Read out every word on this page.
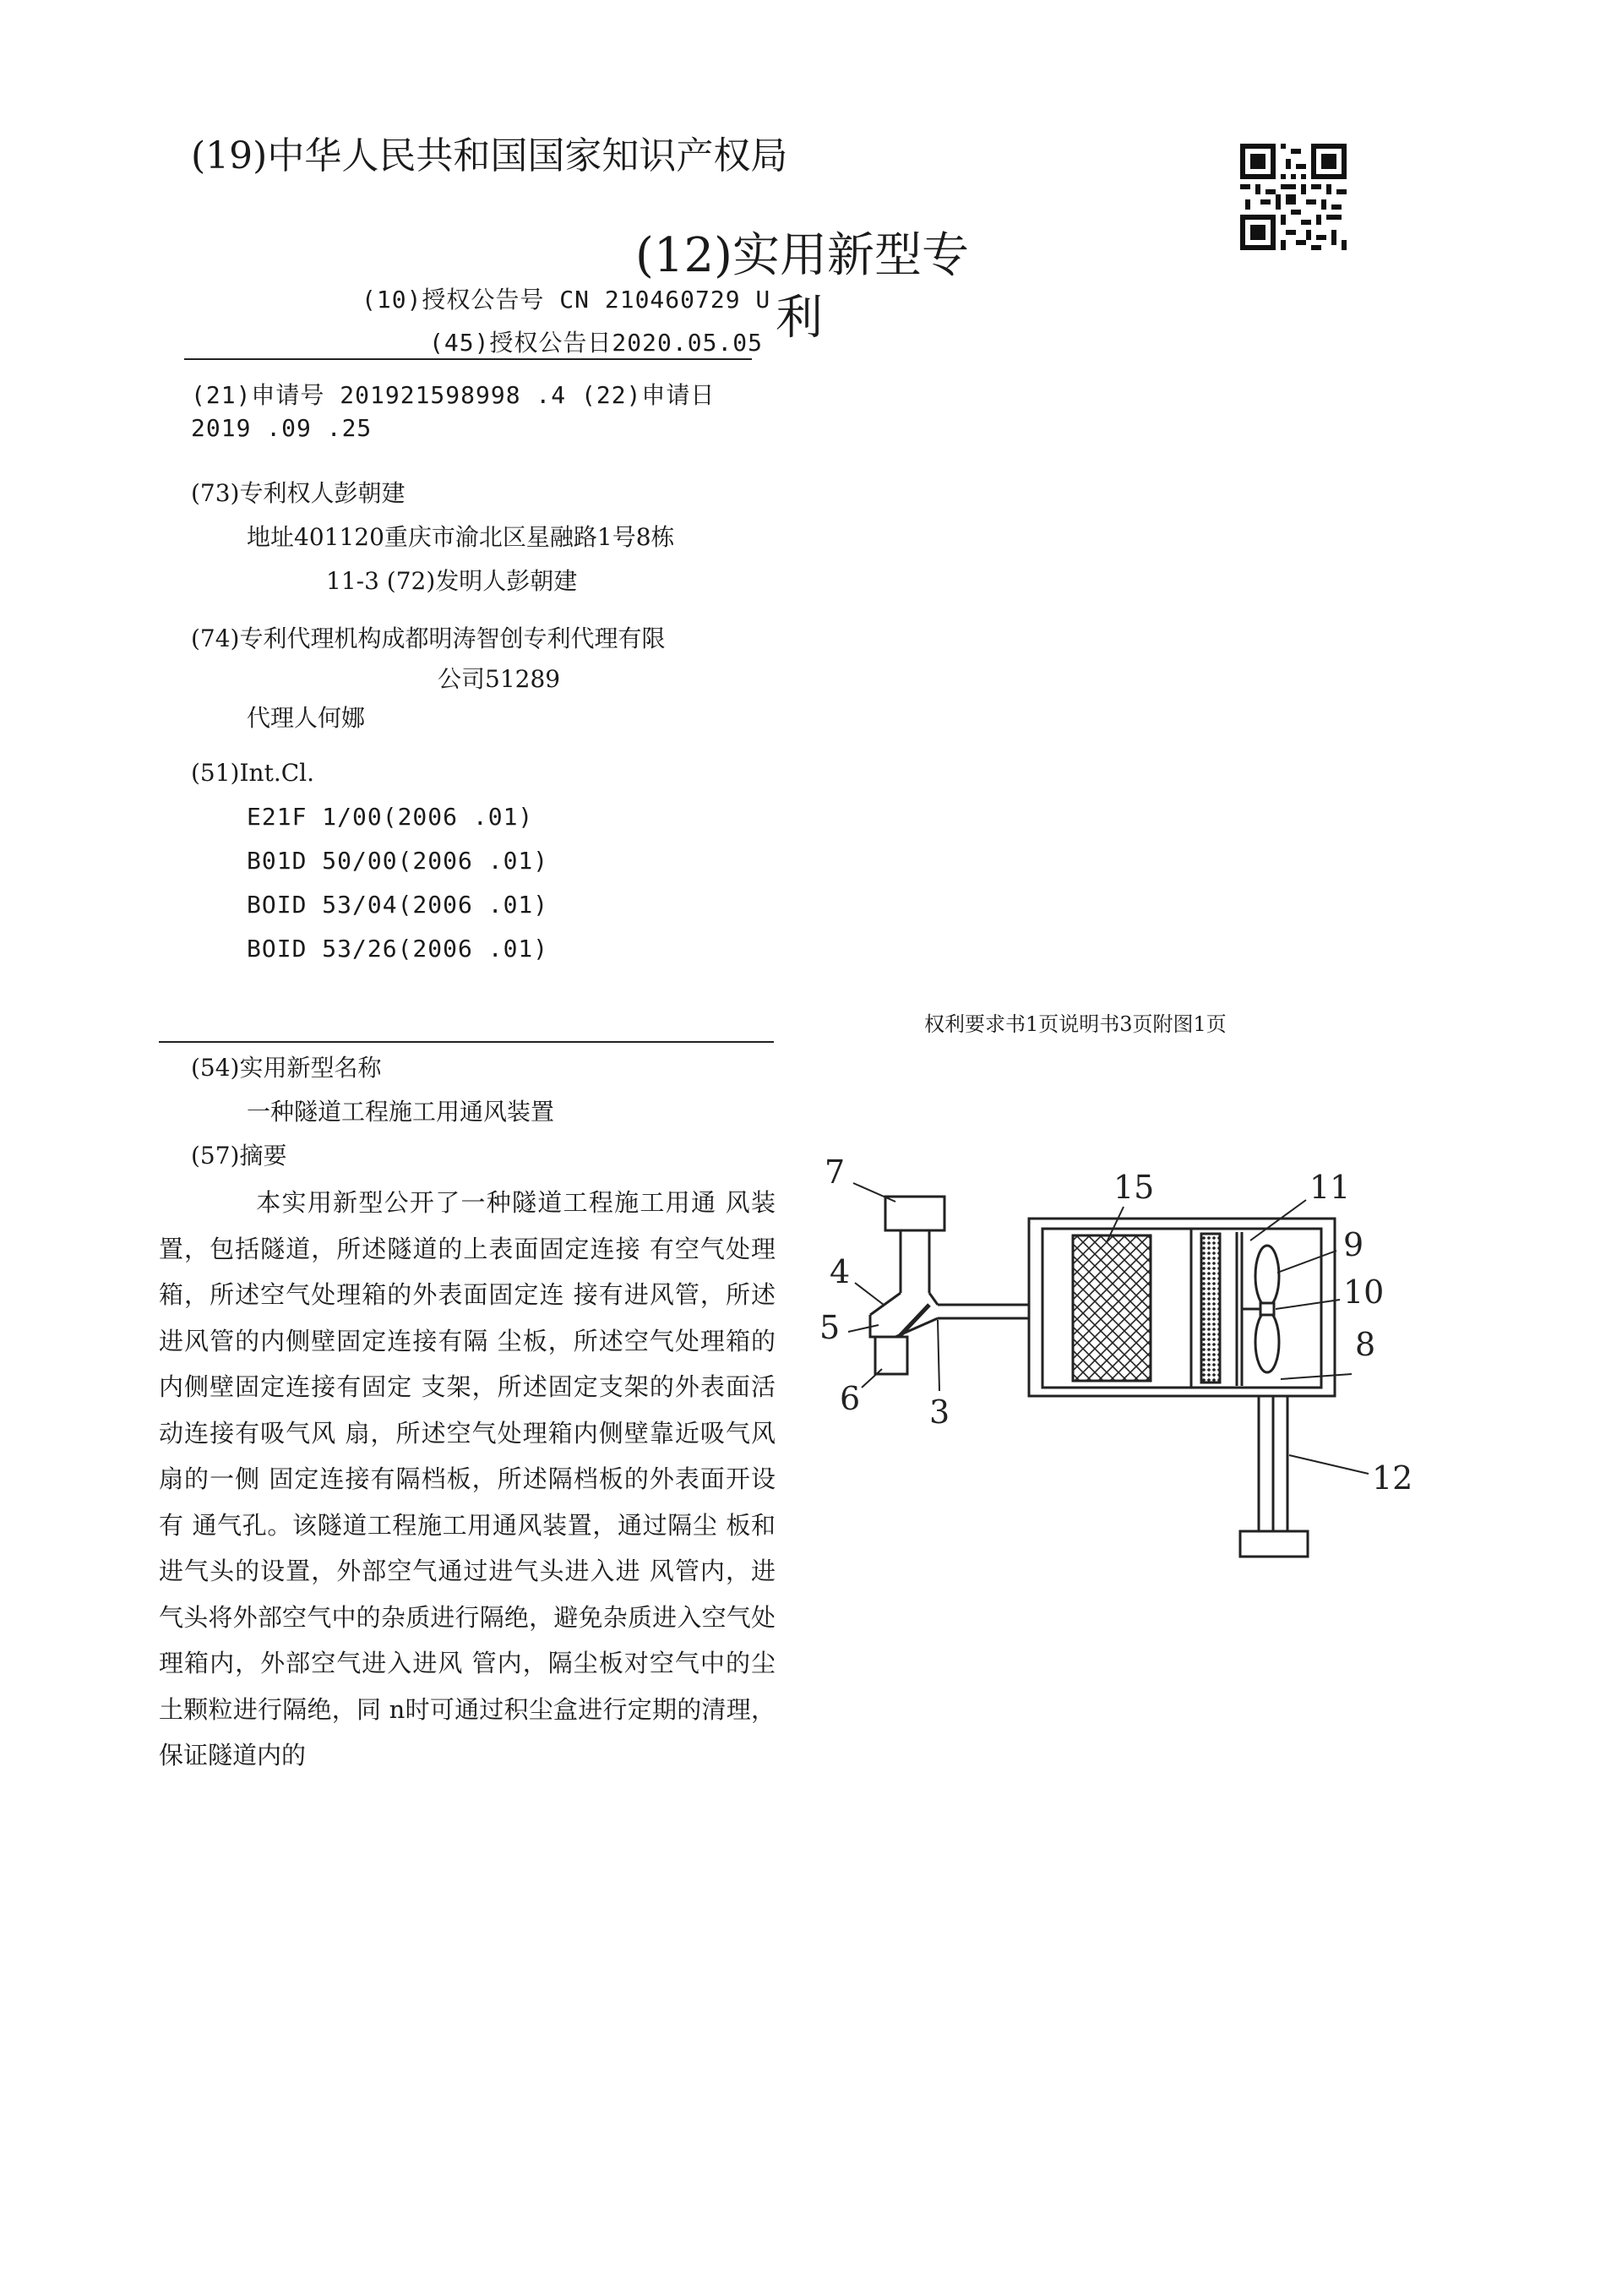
(19)中华人民共和国国家知识产权局
(12)实用新型专
利
(10)授权公告号 CN 210460729 U
(45)授权公告日2020.05.05
(21)申请号 201921598998 .4 (22)申请日
2019 .09 .25
(73)专利权人彭朝建
地址401120重庆市渝北区星融路1号8栋
11-3 (72)发明人彭朝建
(74)专利代理机构成都明涛智创专利代理有限
公司51289
代理人何娜
(51)Int.Cl.
E21F 1/00(2006 .01)
B01D 50/00(2006 .01)
BOID 53/04(2006 .01)
BOID 53/26(2006 .01)
权利要求书1页说明书3页附图1页
(54)实用新型名称
一种隧道工程施工用通风装置
(57)摘要
本实用新型公开了一种隧道工程施工用通 风装置，包括隧道，所述隧道的上表面固定连接 有空气处理箱，所述空气处理箱的外表面固定连 接有进风管，所述进风管的内侧壁固定连接有隔 尘板，所述空气处理箱的内侧壁固定连接有固定 支架，所述固定支架的外表面活动连接有吸气风 扇，所述空气处理箱内侧壁靠近吸气风扇的一侧 固定连接有隔档板，所述隔档板的外表面开设有 通气孔。该隧道工程施工用通风装置，通过隔尘 板和进气头的设置，外部空气通过进气头进入进 风管内，进气头将外部空气中的杂质进行隔绝，避免杂质进入空气处理箱内，外部空气进入进风 管内，隔尘板对空气中的尘土颗粒进行隔绝，同 n时可通过积尘盒进行定期的清理，保证隧道内的
7	15	11
9
4
10
5	8
6 3
12
